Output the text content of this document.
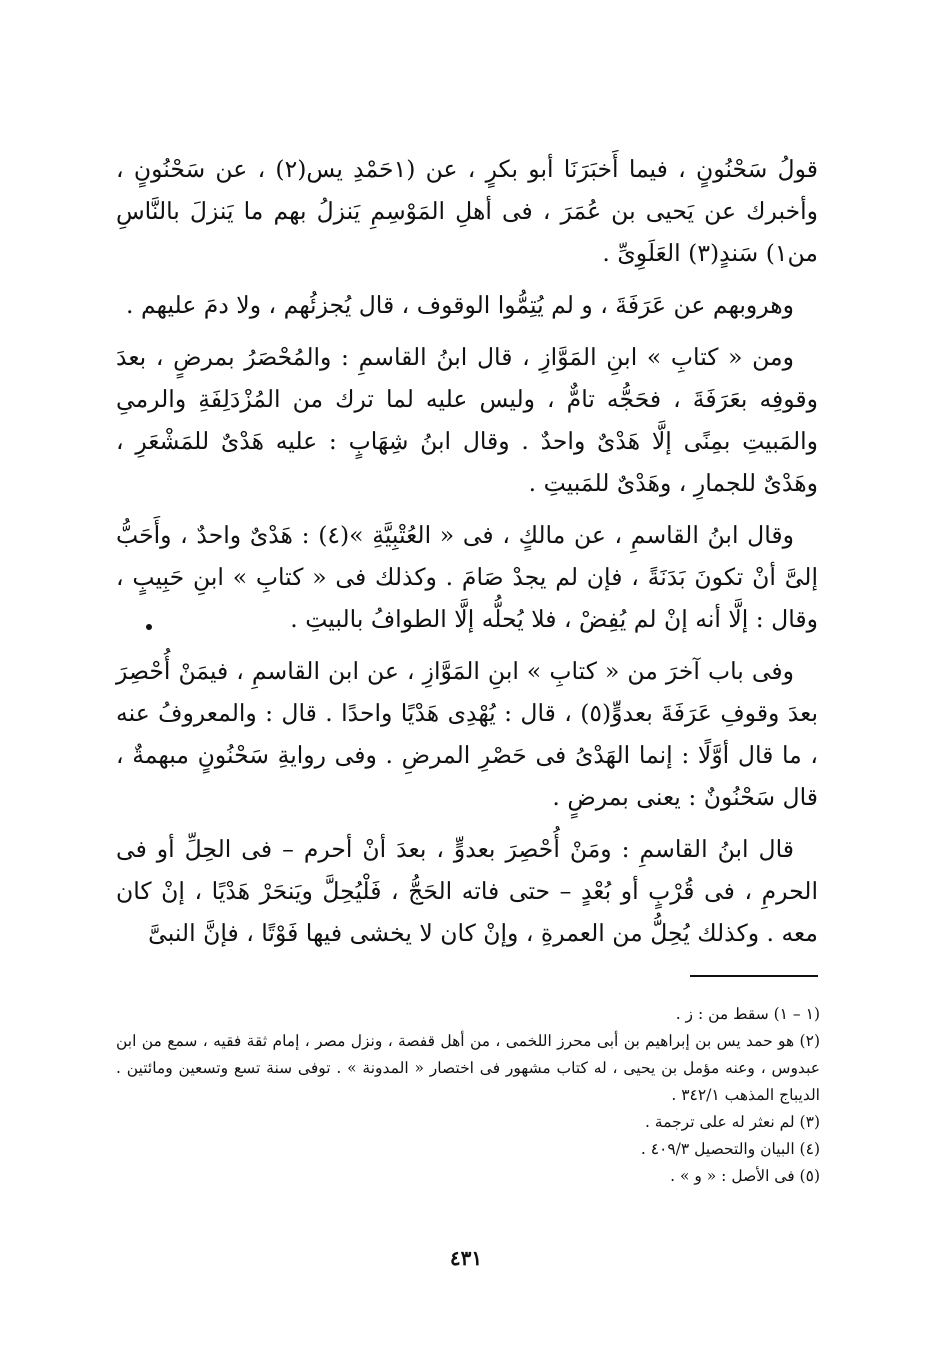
قولُ سَحْنُونٍ ، فيما أَخبَرَنَا أبو بكرٍ ، عن (١حَمْدِ يس(٢) ، عن سَحْنُونٍ ، وأخبرك عن يَحيى بن عُمَرَ ، فى أهلِ المَوْسِمِ يَنزلُ بهم ما يَنزلَ بالنَّاسِ من١) سَندٍ(٣) العَلَوِىِّ .

وهروبهم عن عَرَفَةَ ، و لم يُتِمُّوا الوقوف ، قال يُجزئُهم ، ولا دمَ عليهم .

ومن « كتابِ » ابنِ المَوَّازِ ، قال ابنُ القاسمِ : والمُحْصَرُ بمرضٍ ، بعدَ وقوفِه بعَرَفَةَ ، فحَجُّه تامٌّ ، وليس عليه لما ترك من المُزْدَلِفَةِ والرمىِ والمَبيتِ بمِنًى إلَّا هَدْىٌ واحدٌ . وقال ابنُ شِهَابٍ : عليه هَدْىٌ للمَشْعَرِ ، وهَدْىٌ للجمارِ ، وهَدْىٌ للمَبيتِ .

وقال ابنُ القاسمِ ، عن مالكٍ ، فى « العُتْبِيَّةِ »(٤) : هَدْىٌ واحدٌ ، وأَحَبُّ إلىَّ أنْ تكونَ بَدَنَةً ، فإن لم يجدْ صَامَ . وكذلك فى « كتابِ » ابنِ حَبِيبٍ ، وقال : إلَّا أنه إنْ لم يُفِضْ ، فلا يُحلُّه إلَّا الطوافُ بالبيتِ .

وفى باب آخرَ من « كتابِ » ابنِ المَوَّازِ ، عن ابن القاسمِ ، فيمَنْ أُحْصِرَ بعدَ وقوفِ عَرَفَةَ بعدوٍّ(٥) ، قال : يُهْدِى هَدْيًا واحدًا . قال : والمعروفُ عنه ، ما قال أوَّلًا : إنما الهَدْىُ فى حَصْرِ المرضِ . وفى روايةِ سَحْنُونٍ مبهمةٌ ، قال سَحْنُونٌ : يعنى بمرضٍ .

قال ابنُ القاسمِ : ومَنْ أُحْصِرَ بعدوٍّ ، بعدَ أنْ أحرم – فى الحِلِّ أو فى الحرمِ ، فى قُرْبٍ أو بُعْدٍ – حتى فاته الحَجُّ ، فَلْيُحِلَّ ويَنحَرْ هَدْيًا ، إنْ كان معه . وكذلك يُحِلُّ من العمرةِ ، وإنْ كان لا يخشى فيها فَوْتًا ، فإنَّ النبىَّ

(١ – ١) سقط من : ز .

(٢) هو حمد يس بن إبراهيم بن أبى محرز اللخمى ، من أهل قفصة ، ونزل مصر ، إمام ثقة فقيه ، سمع من ابن عبدوس ، وعنه مؤمل بن يحيى ، له كتاب مشهور فى اختصار « المدونة » . توفى سنة تسع وتسعين ومائتين . الديباج المذهب ٣٤٢/١ .

(٣) لم نعثر له على ترجمة .

(٤) البيان والتحصيل ٤٠٩/٣ .

(٥) فى الأصل : « و » .

٤٣١
